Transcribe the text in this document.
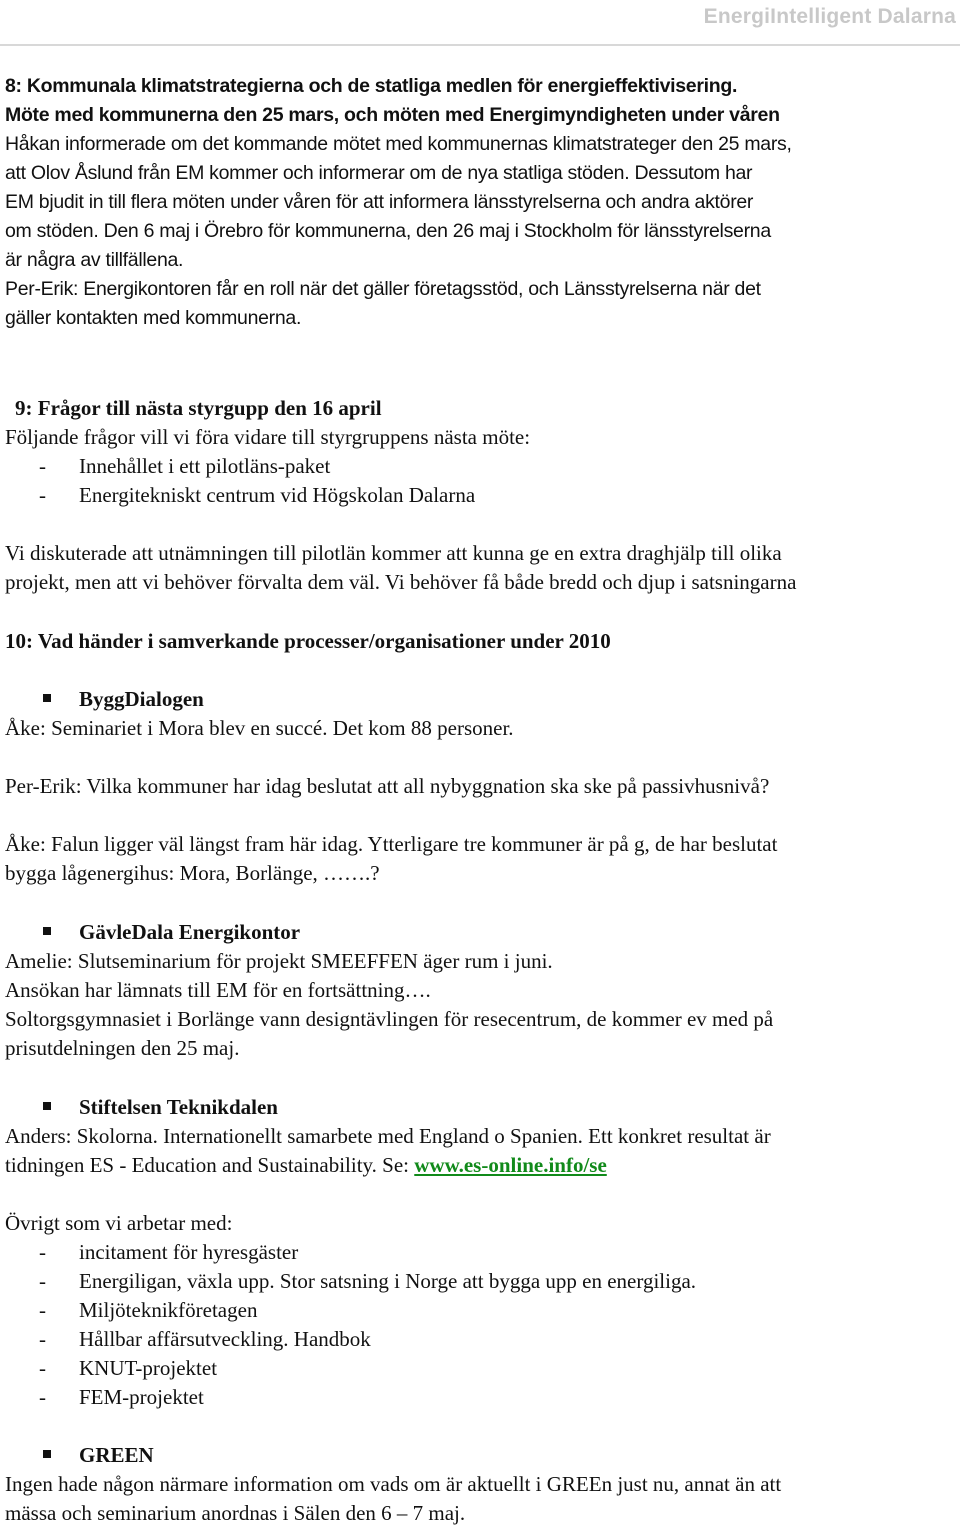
EnergiIntelligent Dalarna
8: Kommunala klimatstrategierna och de statliga medlen för energieffektivisering.
Möte med kommunerna den 25 mars, och möten med Energimyndigheten under våren
Håkan informerade om det kommande mötet med kommunernas klimatstrateger den 25 mars,
att Olov Åslund från EM kommer och informerar om de nya statliga stöden. Dessutom har
EM bjudit in till flera möten under våren för att informera länsstyrelserna och andra aktörer
om stöden. Den 6 maj i Örebro för kommunerna, den 26 maj i Stockholm för länsstyrelserna
är några av tillfällena.
Per-Erik: Energikontoren får en roll när det gäller företagsstöd, och Länsstyrelserna när det
gäller kontakten med kommunerna.
9: Frågor till nästa styrgupp den 16 april
Följande frågor vill vi föra vidare till styrgruppens nästa möte:
- Innehållet i ett pilotläns-paket
- Energitekniskt centrum vid Högskolan Dalarna
Vi diskuterade att utnämningen till pilotlän kommer att kunna ge en extra draghjälp till olika
projekt, men att vi behöver förvalta dem väl. Vi behöver få både bredd och djup i satsningarna
10: Vad händer i samverkande processer/organisationer under 2010
ByggDialogen
Åke: Seminariet i Mora blev en succé. Det kom 88 personer.
Per-Erik: Vilka kommuner har idag beslutat att all nybyggnation ska ske på passivhusnivå?
Åke: Falun ligger väl längst fram här idag. Ytterligare tre kommuner är på g, de har beslutat
bygga lågenergihus: Mora, Borlänge, …….?
GävleDala Energikontor
Amelie: Slutseminarium för projekt SMEEFFEN äger rum i juni.
Ansökan har lämnats till EM för en fortsättning….
Soltorgsgymnasiet i Borlänge vann designtävlingen för resecentrum, de kommer ev med på
prisutdelningen den 25 maj.
Stiftelsen Teknikdalen
Anders: Skolorna. Internationellt samarbete med England o Spanien. Ett konkret resultat är
tidningen ES - Education and Sustainability. Se: www.es-online.info/se
Övrigt som vi arbetar med:
- incitament för hyresgäster
- Energiligan, växla upp. Stor satsning i Norge att bygga upp en energiliga.
- Miljöteknikföretagen
- Hållbar affärsutveckling. Handbok
- KNUT-projektet
- FEM-projektet
GREEN
Ingen hade någon närmare information om vads om är aktuellt i GREEn just nu, annat än att
mässa och seminarium anordnas i Sälen den 6 – 7 maj.
